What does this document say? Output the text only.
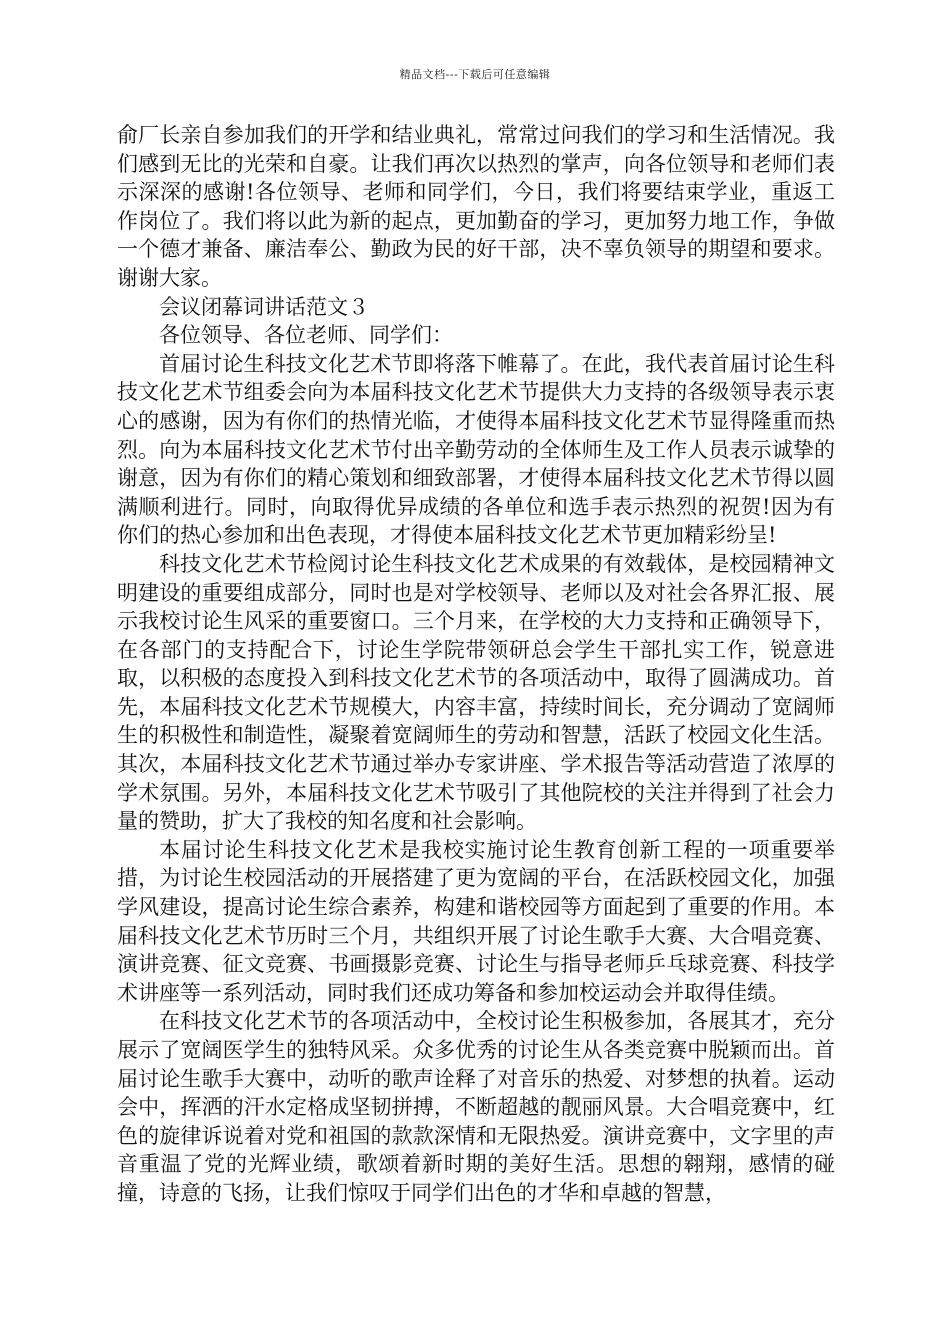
精品文档---下载后可任意编辑

俞厂长亲自参加我们的开学和结业典礼，常常过问我们的学习和生活情况。我们感到无比的光荣和自豪。让我们再次以热烈的掌声，向各位领导和老师们表示深深的感谢!各位领导、老师和同学们，今日，我们将要结束学业，重返工作岗位了。我们将以此为新的起点，更加勤奋的学习，更加努力地工作，争做一个德才兼备、廉洁奉公、勤政为民的好干部，决不辜负领导的期望和要求。谢谢大家。

会议闭幕词讲话范文３

各位领导、各位老师、同学们：

首届讨论生科技文化艺术节即将落下帷幕了。在此，我代表首届讨论生科技文化艺术节组委会向为本届科技文化艺术节提供大力支持的各级领导表示衷心的感谢，因为有你们的热情光临，才使得本届科技文化艺术节显得隆重而热烈。向为本届科技文化艺术节付出辛勤劳动的全体师生及工作人员表示诚挚的谢意，因为有你们的精心策划和细致部署，才使得本届科技文化艺术节得以圆满顺利进行。同时，向取得优异成绩的各单位和选手表示热烈的祝贺!因为有你们的热心参加和出色表现，才得使本届科技文化艺术节更加精彩纷呈!

科技文化艺术节检阅讨论生科技文化艺术成果的有效载体，是校园精神文明建设的重要组成部分，同时也是对学校领导、老师以及对社会各界汇报、展示我校讨论生风采的重要窗口。三个月来，在学校的大力支持和正确领导下，在各部门的支持配合下，讨论生学院带领研总会学生干部扎实工作，锐意进取，以积极的态度投入到科技文化艺术节的各项活动中，取得了圆满成功。首先，本届科技文化艺术节规模大，内容丰富，持续时间长，充分调动了宽阔师生的积极性和制造性，凝聚着宽阔师生的劳动和智慧，活跃了校园文化生活。其次，本届科技文化艺术节通过举办专家讲座、学术报告等活动营造了浓厚的学术氛围。另外，本届科技文化艺术节吸引了其他院校的关注并得到了社会力量的赞助，扩大了我校的知名度和社会影响。

本届讨论生科技文化艺术是我校实施讨论生教育创新工程的一项重要举措，为讨论生校园活动的开展搭建了更为宽阔的平台，在活跃校园文化，加强学风建设，提高讨论生综合素养，构建和谐校园等方面起到了重要的作用。本届科技文化艺术节历时三个月，共组织开展了讨论生歌手大赛、大合唱竞赛、演讲竞赛、征文竞赛、书画摄影竞赛、讨论生与指导老师乒乓球竞赛、科技学术讲座等一系列活动，同时我们还成功筹备和参加校运动会并取得佳绩。

在科技文化艺术节的各项活动中，全校讨论生积极参加，各展其才，充分展示了宽阔医学生的独特风采。众多优秀的讨论生从各类竞赛中脱颖而出。首届讨论生歌手大赛中，动听的歌声诠释了对音乐的热爱、对梦想的执着。运动会中，挥洒的汗水定格成坚韧拼搏，不断超越的靓丽风景。大合唱竞赛中，红色的旋律诉说着对党和祖国的款款深情和无限热爱。演讲竞赛中，文字里的声音重温了党的光辉业绩，歌颂着新时期的美好生活。思想的翱翔，感情的碰撞，诗意的飞扬，让我们惊叹于同学们出色的才华和卓越的智慧，
